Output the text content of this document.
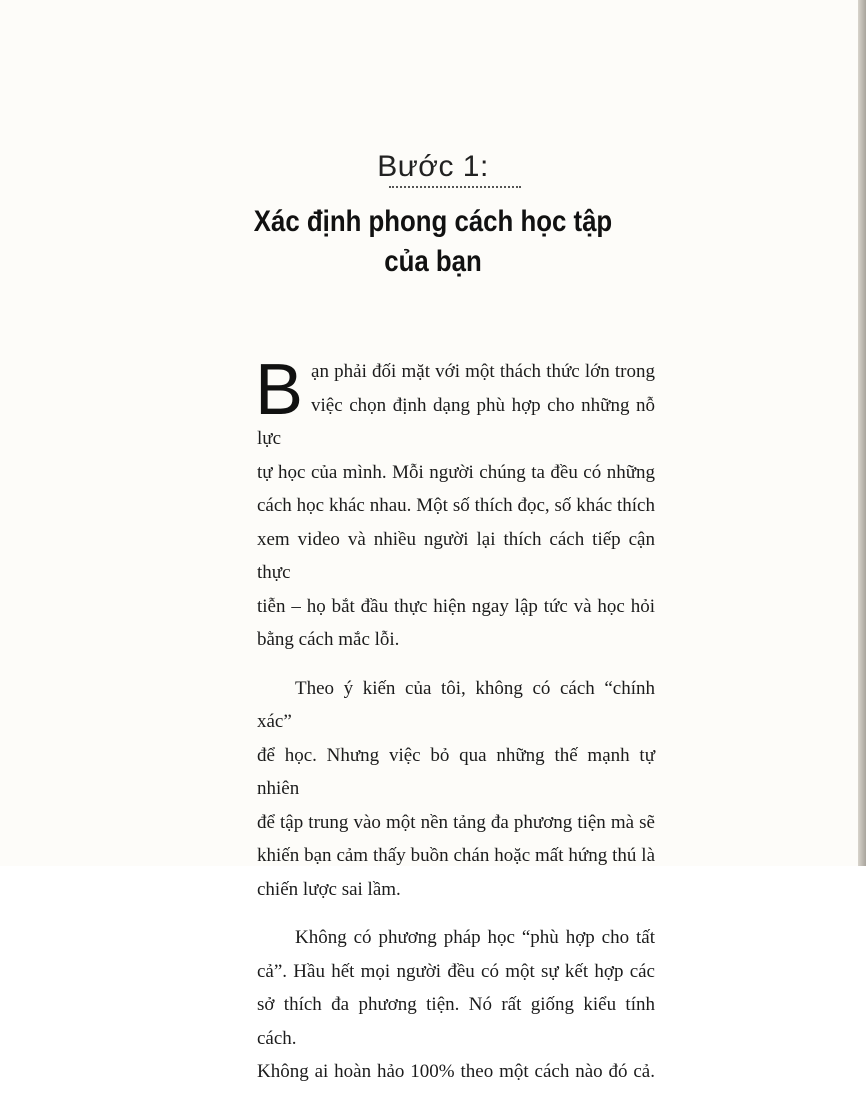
Bước 1:
Xác định phong cách học tập
của bạn

B ạn phải đối mặt với một thách thức lớn trong
việc chọn định dạng phù hợp cho những nỗ lực
tự học của mình. Mỗi người chúng ta đều có những
cách học khác nhau. Một số thích đọc, số khác thích
xem video và nhiều người lại thích cách tiếp cận thực
tiễn – họ bắt đầu thực hiện ngay lập tức và học hỏi
bằng cách mắc lỗi.

Theo ý kiến của tôi, không có cách “chính xác”
để học. Nhưng việc bỏ qua những thế mạnh tự nhiên
để tập trung vào một nền tảng đa phương tiện mà sẽ
khiến bạn cảm thấy buồn chán hoặc mất hứng thú là
chiến lược sai lầm.

Không có phương pháp học “phù hợp cho tất
cả”. Hầu hết mọi người đều có một sự kết hợp các
sở thích đa phương tiện. Nó rất giống kiểu tính cách.
Không ai hoàn hảo 100% theo một cách nào đó cả.
